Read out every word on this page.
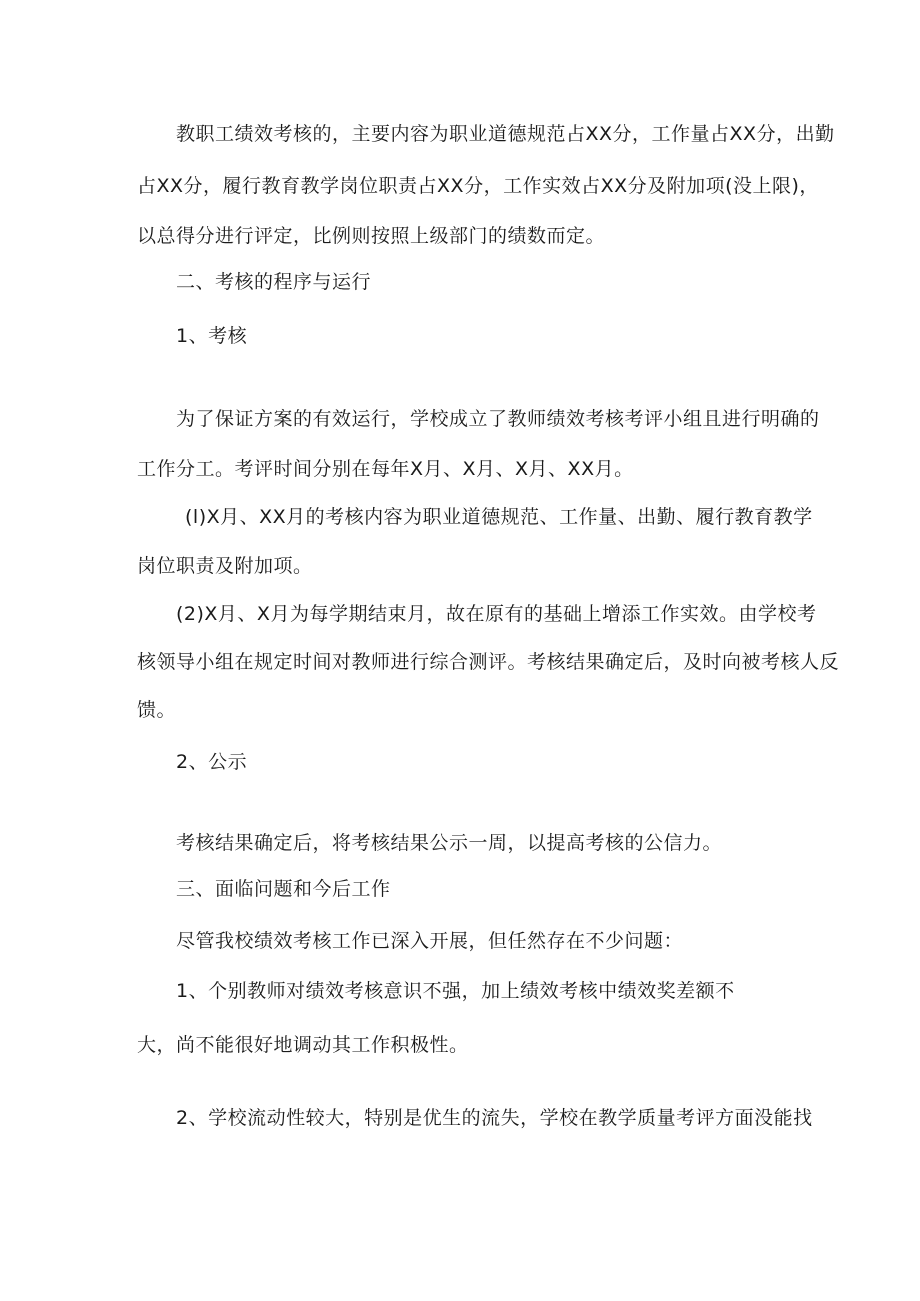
教职工绩效考核的，主要内容为职业道德规范占XX分，工作量占XX分，出勤
占XX分，履行教育教学岗位职责占XX分，工作实效占XX分及附加项(没上限)，
以总得分进行评定，比例则按照上级部门的绩数而定。
二、考核的程序与运行
1、考核
为了保证方案的有效运行，学校成立了教师绩效考核考评小组且进行明确的
工作分工。考评时间分别在每年X月、X月、X月、XX月。
(l)X月、XX月的考核内容为职业道德规范、工作量、出勤、履行教育教学
岗位职责及附加项。
(2)X月、X月为每学期结束月，故在原有的基础上增添工作实效。由学校考
核领导小组在规定时间对教师进行综合测评。考核结果确定后，及时向被考核人反
馈。
2、公示
考核结果确定后，将考核结果公示一周，以提高考核的公信力。
三、面临问题和今后工作
尽管我校绩效考核工作已深入开展，但任然存在不少问题：
1、个别教师对绩效考核意识不强，加上绩效考核中绩效奖差额不
大，尚不能很好地调动其工作积极性。
2、学校流动性较大，特别是优生的流失，学校在教学质量考评方面没能找
